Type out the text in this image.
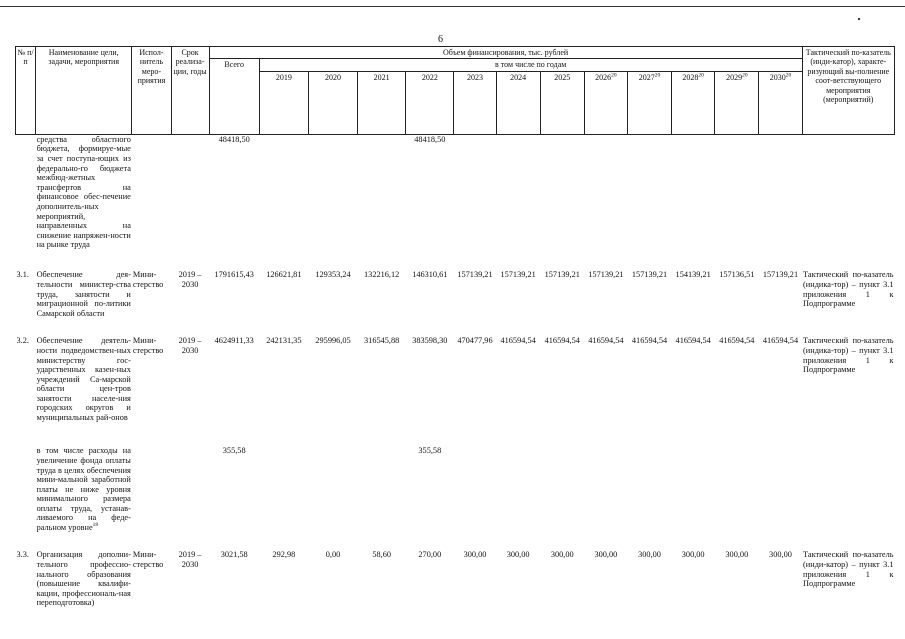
6
№ п/п	Наименование цели, задачи, мероприятия	Испол-нитель меро-приятия	Срок реализа-ции, годы	Объем финансирования, тыс. рублей													Тактический по-казатель (инди-катор), характе-ризующий вы-полнение соот-ветствующего мероприятия (мероприятий)
				Всего	в том числе по годам												
					2019	2020	2021	2022	2023	2024	2025	2026$^{20}$	2027$^{20}$	2028$^{20}$	2029$^{20}$	2030$^{20}$
	средства областного бюджета, формируе-мые за счет поступа-ющих из федерально-го бюджета межбюд-жетных трансфертов на финансовое обес-печение дополнитель-ных мероприятий, направленных на снижение напряжен-ности на рынке труда			48418,50				48418,50									
3.1.	Обеспечение дея-тельности министер-ства труда, занятости и миграционной по-литики Самарской области	Мини-стерство	2019 – 2030	1791615,43	126621,81	129353,24	132216,12	146310,61	157139,21	157139,21	157139,21	157139,21	157139,21	154139,21	157136,51	157139,21	Тактический по-казатель (индика-тор) – пункт 3.1 приложения 1 к Подпрограмме
3.2.	Обеспечение деятель-ности подведомствен-ных министерству гос-ударственных казен-ных учреждений Са-марской области цен-тров занятости населе-ния городских округов и муниципальных рай-онов	Мини-стерство	2019 – 2030	4624911,33	242131,35	295996,05	316545,88	383598,30	470477,96	416594,54	416594,54	416594,54	416594,54	416594,54	416594,54	416594,54	Тактический по-казатель (индика-тор) – пункт 3.1 приложения 1 к Подпрограмме
	в том числе расходы на увеличение фонда оплаты труда в целях обеспечения мини-мальной заработной платы не ниже уровня минимального размера оплаты труда, устанав-ливаемого на феде-ральном уровне$^{18}$			355,58				355,58									
3.3.	Организация дополни-тельного профессио-нального образования (повышение квалифи-кации, профессиональ-ная переподготовка)	Мини-стерство	2019 – 2030	3021,58	292,98	0,00	58,60	270,00	300,00	300,00	300,00	300,00	300,00	300,00	300,00	300,00	Тактический по-казатель (инди-катор) – пункт 3.1 приложения 1 к Подпрограмме
